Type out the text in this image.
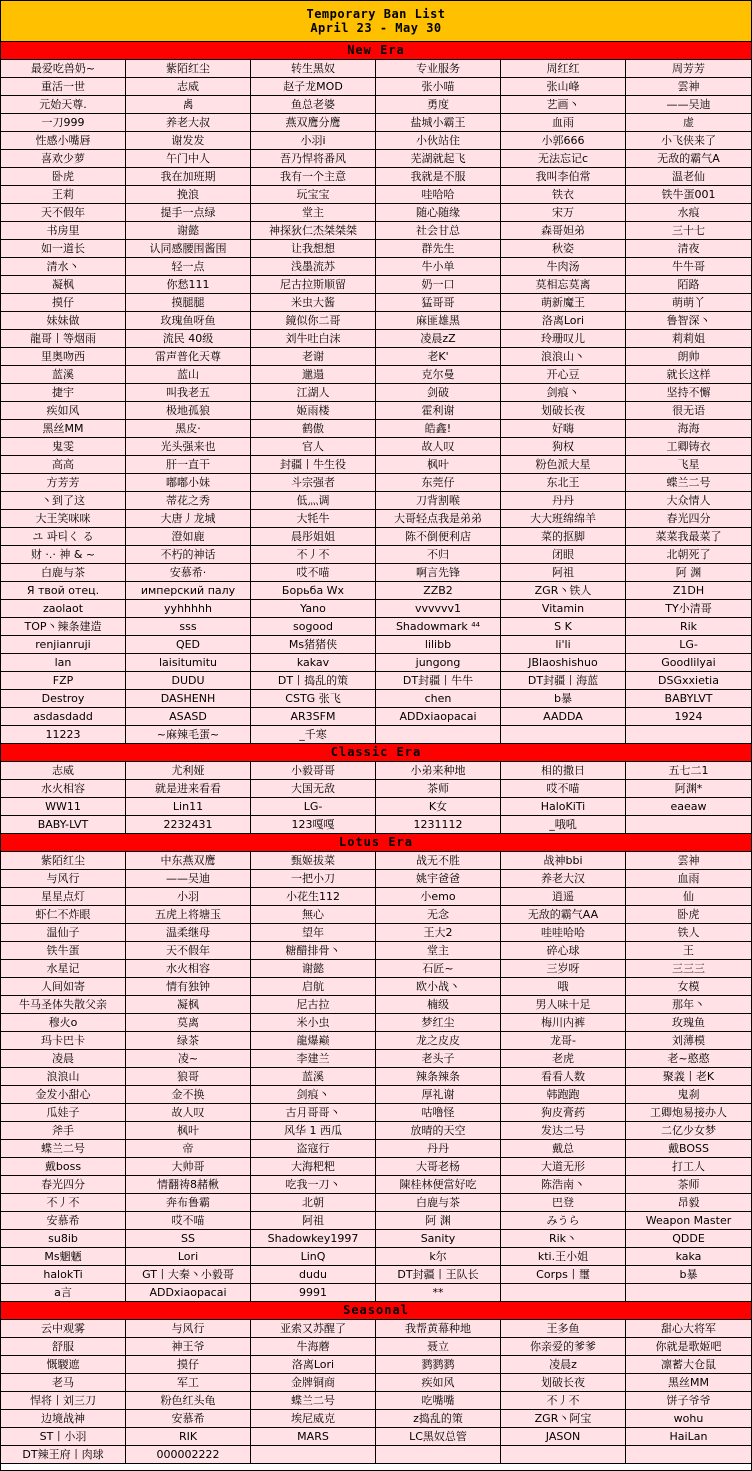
Temporary Ban List
April 23 - May 30
New Era
最爱吃兽奶~	紫陌红尘	转生黑奴	专业服务	周红红	周芳芳
重活一世	志威	赵子龙MOD	张小喵	张山峰	雲神
元始天尊.	禼	鱼总老婆	勇度	艺画丶	——吴迪
一刀999	养老大叔	燕双鹰分鹰	盐城小霸王	血雨	虚
性感小嘴唇	谢发发	小羽i	小伙站住	小郭666	小飞侠来了
喜欢少萝	午门中人	吾乃悍将番风	芜湖就起飞	无法忘记c	无敌的霸气A
卧虎	我在加班期	我有一个主意	我就是不服	我叫李伯常	温老仙
王莉	挽浪	玩宝宝	哇哈哈	铁衣	铁牛蛋001
天不假年	提手一点绿	堂主	随心随缘	宋万	水痕
书房里	谢懿	神探狄仁杰桀桀桀	社会甘总	森哥妲弟	三十七
如一道长	认同感腰围酱围	让我想想	群先生	秋姿	清夜
清水丶	轻一点	浅墨流苏	牛小单	牛肉汤	牛牛哥
凝枫	你愁111	尼古拉斯顺留	奶一口	莫相忘莫离	陌路
摸仔	摸腿腿	米虫大酱	猛哥哥	萌新魔王	萌萌丫
妹妹做	玫瑰鱼呀鱼	鏡似你二哥	麻匪雄黑	洛离Lori	鲁智深丶
龍哥丨等烟雨	流民 40级	刘牛吐白沫	凌晨zZ	玲珊叹儿	莉莉姐
里奥吻西	雷声普化天尊	老谢	老K'	浪浪山丶	朗帅
蓝溪	蓝山	邋遢	克尔曼	开心豆	就长这样
捷宇	叫我老五	江湖人	剑破	剑痕丶	坚持不懈
疾如风	极地孤狼	姬雨楼	霍利谢	划破长夜	很无语
黑丝MM	黑皮·	鹤傲	皓鑫!	好嗨	海海
鬼雯	光头强来也	官人	故人叹	狗权	工卿铸衣
高高	肝一直干	封疆丨牛生役	枫叶	粉色派大星	飞星
方芳芳	嘟嘟小妹	斗宗强者	东莞仔	东北王	蝶兰二号
丶到了这	蒂花之秀	低灬调	刀背割喉	丹丹	大众情人
大王笑咪咪	大唐丿龙城	大牦牛	大哥轻点我是弟弟	大大班绵绵羊	春光四分
ユ 파티く る	澄如鹿	晨彤姐姐	陈不倒便利店	菜的抠脚	菜菜我最菜了
财 ·.· 神 & ~	不朽的神话	不丿不	不归	闭眼	北朝死了
白鹿与茶	安慕希·	哎不喵	啊言先锋	阿祖	阿 渊
Я твой отец.	имперский палу	Борьба Wx	ZZB2	ZGR丶铁人	Z1DH
zaolaot	yyhhhhh	Yano	vvvvvv1	Vitamin	TY小清哥
TOP丶辣条建造	sss	sogood	Shadowmark ⁴⁴	S K	Rik
renjianruji	QED	Ms猪猪侠	lilibb	li'li	LG-
lan	laisitumitu	kakav	jungong	JBlaoshishuo	Goodlilyai
FZP	DUDU	DT丨捣乱的策	DT封疆丨牛牛	DT封疆丨海蓝	DSGxxietia
Destroy	DASHENH	CSTG 张飞	chen	b暴	BABYLVT
asdasdadd	ASASD	AR3SFM	ADDxiaopacai	AADDA	1924
11223	~麻辣毛蛋~	_千寒
Classic Era
志威	尤利娅	小毅哥哥	小弟来种地	相的撒日	五七二1
水火相容	就是进来看看	大国无敌	茶师	哎不喵	阿渊*
WW11	Lin11	LG-	K女	HaloKiTi	eaeaw
BABY-LVT	2232431	123嘎嘎	1231112	_哦吼
Lotus Era
紫陌红尘	中东燕双鹰	甄姬拔菜	战无不胜	战神bbi	雲神
与风行	——吴迪	一把小刀	姚宇爸爸	养老大汉	血雨
星星点灯	小羽	小花生112	小emo	逍遥	仙
虾仁不炸眼	五虎上将塘玉	無心	无念	无敌的霸气AA	卧虎
温仙子	温柔继母	望年	王大2	哇哇哈哈	铁人
铁牛蛋	天不假年	糖醋排骨丶	堂主	碎心球	王
水星记	水火相容	谢懿	石匠~	三岁呀	三三三
人间如寄	情有独钟	启航	欧小战丶	哦	女模
牛马圣体失散父亲	凝枫	尼古拉	楠级	男人味十足	那年丶
穆火o	莫离	米小虫	梦红尘	梅川内裤	玫瑰鱼
玛卡巴卡	绿茶	龍爆巅	龙之皮皮	龙哥-	刘薄模
凌晨	凌~	李建兰	老头子	老虎	老~憨憨
浪浪山	狼哥	蓝溪	辣条辣条	看看人数	聚義丨老K
金发小甜心	金不换	剑痕丶	厚礼谢	韩跑跑	鬼刹
瓜娃子	故人叹	古月哥哥丶	咕噜怪	狗皮膏药	工卿炮易接办人
斧手	枫叶	风华 1 西瓜	放晴的天空	发达二号	二亿少女梦
蝶兰二号	帝	盗寇行	丹丹	戴总	戴BOSS
戴boss	大帅哥	大海粑粑	大哥老杨	大道无形	打工人
春光四分	情翻祷8赭楸	吃我一刀丶	陳桂林便當好吃	陈浩南丶	茶师
不丿不	奔布鲁霸	北朝	白鹿与茶	巴登	昂毅
安慕希	哎不喵	阿祖	阿 渊	みうら	Weapon Master
su8ib	SS	Shadowkey1997	Sanity	Rik丶	QDDE
Ms魍魉	Lori	LinQ	k尔	kti.王小姐	kaka
halokTi	GT丨大秦丶小毅哥	dudu	DT封疆丨王队长	Corps丨璽	b暴
a言	ADDxiaopacai	9991	**
Seasonal
云中观雾	与风行	亚索又苏醒了	我帮黄幕种地	王多鱼	甜心大将军
舒服	神王爷	牛海蘑	聂立	你亲爱的爹爹	你就是歌姬吧
慨騣遮	摸仔	洛离Lori	鹨鹨鹨	凌晨z	凛蓄大仓鼠
老马	军工	金牌铜商	疾如风	划破长夜	黑丝MM
悍将丨刘三刀	粉色红头龟	蝶兰二号	吃嘴嘴	不丿不	饼子爷爷
边境战神	安慕希	埃尼威克	z捣乱的策	ZGR丶阿宝	wohu
ST丨小羽	RIK	MARS	LC黑奴总管	JASON	HaiLan
DT辣王府丨肉球	000002222
